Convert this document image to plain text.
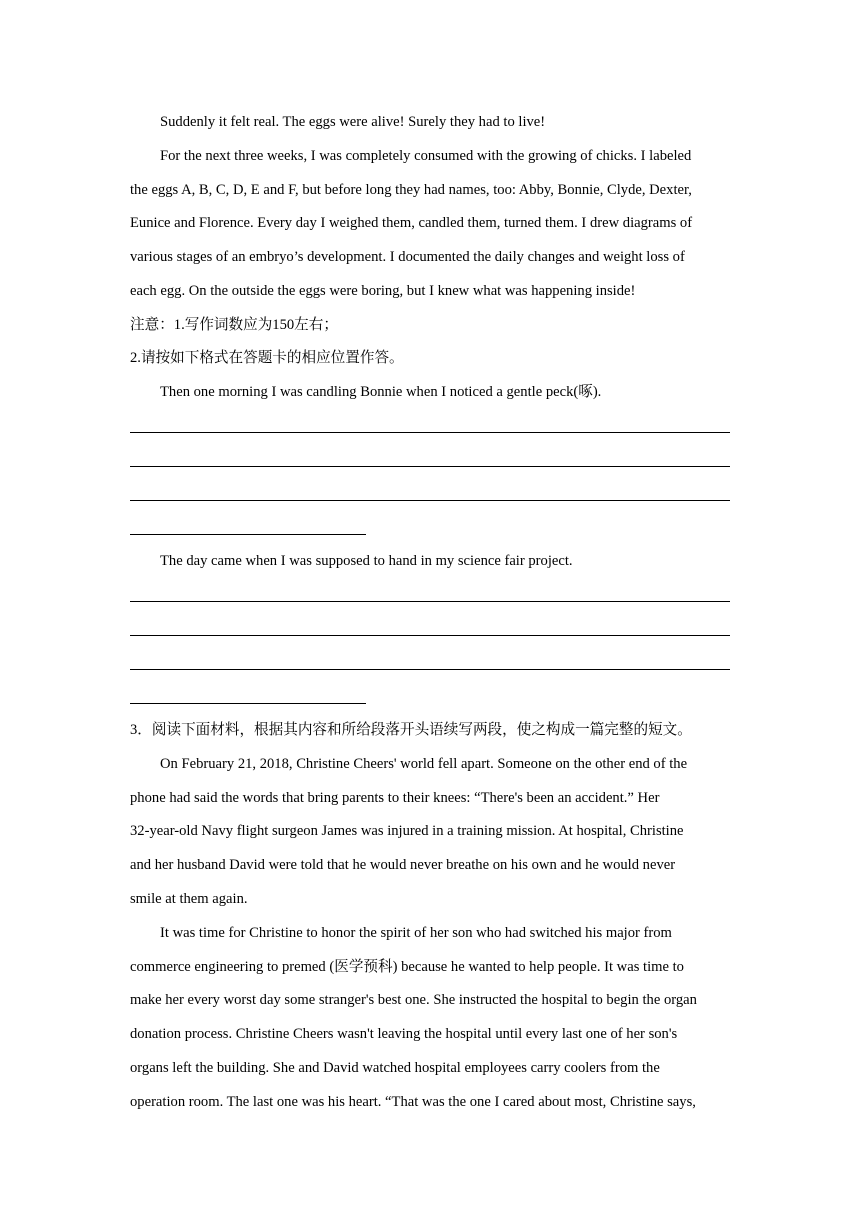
Suddenly it felt real. The eggs were alive! Surely they had to live!
For the next three weeks, I was completely consumed with the growing of chicks. I labeled
the eggs A, B, C, D, E and F, but before long they had names, too: Abby, Bonnie, Clyde, Dexter,
Eunice and Florence. Every day I weighed them, candled them, turned them. I drew diagrams of
various stages of an embryo’s development. I documented the daily changes and weight loss of
each egg. On the outside the eggs were boring, but I knew what was happening inside!
注意：1.写作词数应为150左右；
2.请按如下格式在答题卡的相应位置作答。
Then one morning I was candling Bonnie when I noticed a gentle peck(啄).
The day came when I was supposed to hand in my science fair project.
3．阅读下面材料，根据其内容和所给段落开头语续写两段，使之构成一篇完整的短文。
On February 21, 2018, Christine Cheers' world fell apart. Someone on the other end of the
phone had said the words that bring parents to their knees: “There's been an accident.” Her
32-year-old Navy flight surgeon James was injured in a training mission. At hospital, Christine
and her husband David were told that he would never breathe on his own and he would never
smile at them again.
It was time for Christine to honor the spirit of her son who had switched his major from
commerce engineering to premed (医学预科) because he wanted to help people. It was time to
make her every worst day some stranger's best one. She instructed the hospital to begin the organ
donation process. Christine Cheers wasn't leaving the hospital until every last one of her son's
organs left the building. She and David watched hospital employees carry coolers from the
operation room. The last one was his heart. “That was the one I cared about most, Christine says,
